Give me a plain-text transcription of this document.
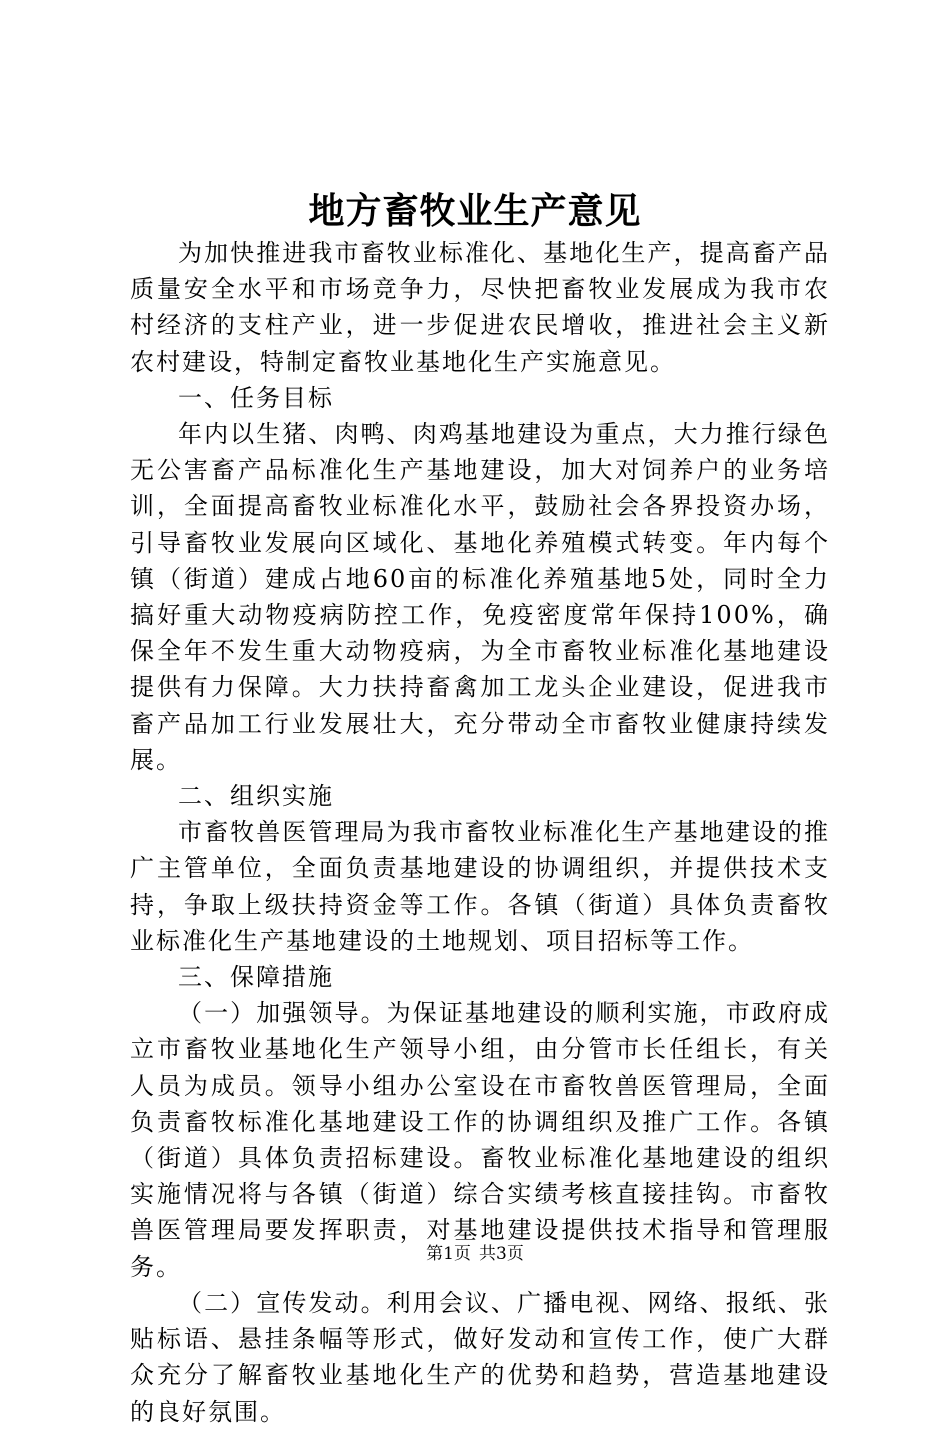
地方畜牧业生产意见

为加快推进我市畜牧业标准化、基地化生产，提高畜产品质量安全水平和市场竞争力，尽快把畜牧业发展成为我市农村经济的支柱产业，进一步促进农民增收，推进社会主义新农村建设，特制定畜牧业基地化生产实施意见。

一、任务目标

年内以生猪、肉鸭、肉鸡基地建设为重点，大力推行绿色无公害畜产品标准化生产基地建设，加大对饲养户的业务培训，全面提高畜牧业标准化水平，鼓励社会各界投资办场，引导畜牧业发展向区域化、基地化养殖模式转变。年内每个镇（街道）建成占地60亩的标准化养殖基地5处，同时全力搞好重大动物疫病防控工作，免疫密度常年保持100%，确保全年不发生重大动物疫病，为全市畜牧业标准化基地建设提供有力保障。大力扶持畜禽加工龙头企业建设，促进我市畜产品加工行业发展壮大，充分带动全市畜牧业健康持续发展。

二、组织实施

市畜牧兽医管理局为我市畜牧业标准化生产基地建设的推广主管单位，全面负责基地建设的协调组织，并提供技术支持，争取上级扶持资金等工作。各镇（街道）具体负责畜牧业标准化生产基地建设的土地规划、项目招标等工作。

三、保障措施

（一）加强领导。为保证基地建设的顺利实施，市政府成立市畜牧业基地化生产领导小组，由分管市长任组长，有关人员为成员。领导小组办公室设在市畜牧兽医管理局，全面负责畜牧标准化基地建设工作的协调组织及推广工作。各镇（街道）具体负责招标建设。畜牧业标准化基地建设的组织实施情况将与各镇（街道）综合实绩考核直接挂钩。市畜牧兽医管理局要发挥职责，对基地建设提供技术指导和管理服务。

（二）宣传发动。利用会议、广播电视、网络、报纸、张贴标语、悬挂条幅等形式，做好发动和宣传工作，使广大群众充分了解畜牧业基地化生产的优势和趋势，营造基地建设的良好氛围。

第1页 共3页
